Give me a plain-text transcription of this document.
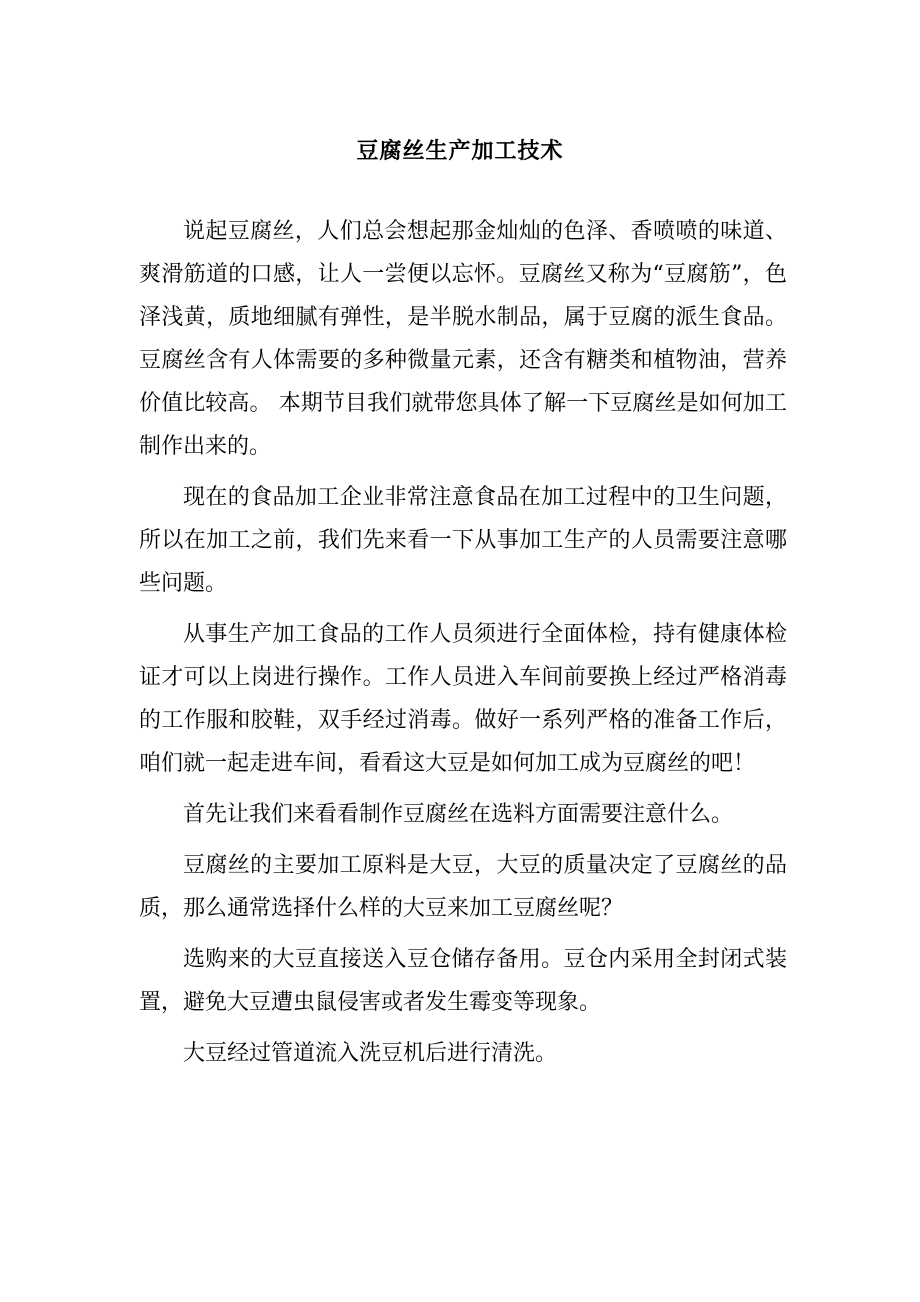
豆腐丝生产加工技术

说起豆腐丝，人们总会想起那金灿灿的色泽、香喷喷的味道、爽滑筋道的口感，让人一尝便以忘怀。豆腐丝又称为“豆腐筋”，色泽浅黄，质地细腻有弹性，是半脱水制品，属于豆腐的派生食品。豆腐丝含有人体需要的多种微量元素，还含有糖类和植物油，营养价值比较高。 本期节目我们就带您具体了解一下豆腐丝是如何加工制作出来的。

现在的食品加工企业非常注意食品在加工过程中的卫生问题，所以在加工之前，我们先来看一下从事加工生产的人员需要注意哪些问题。

从事生产加工食品的工作人员须进行全面体检，持有健康体检证才可以上岗进行操作。工作人员进入车间前要换上经过严格消毒的工作服和胶鞋，双手经过消毒。做好一系列严格的准备工作后，咱们就一起走进车间，看看这大豆是如何加工成为豆腐丝的吧！

首先让我们来看看制作豆腐丝在选料方面需要注意什么。

豆腐丝的主要加工原料是大豆，大豆的质量决定了豆腐丝的品质，那么通常选择什么样的大豆来加工豆腐丝呢？

选购来的大豆直接送入豆仓储存备用。豆仓内采用全封闭式装置，避免大豆遭虫鼠侵害或者发生霉变等现象。

大豆经过管道流入洗豆机后进行清洗。
